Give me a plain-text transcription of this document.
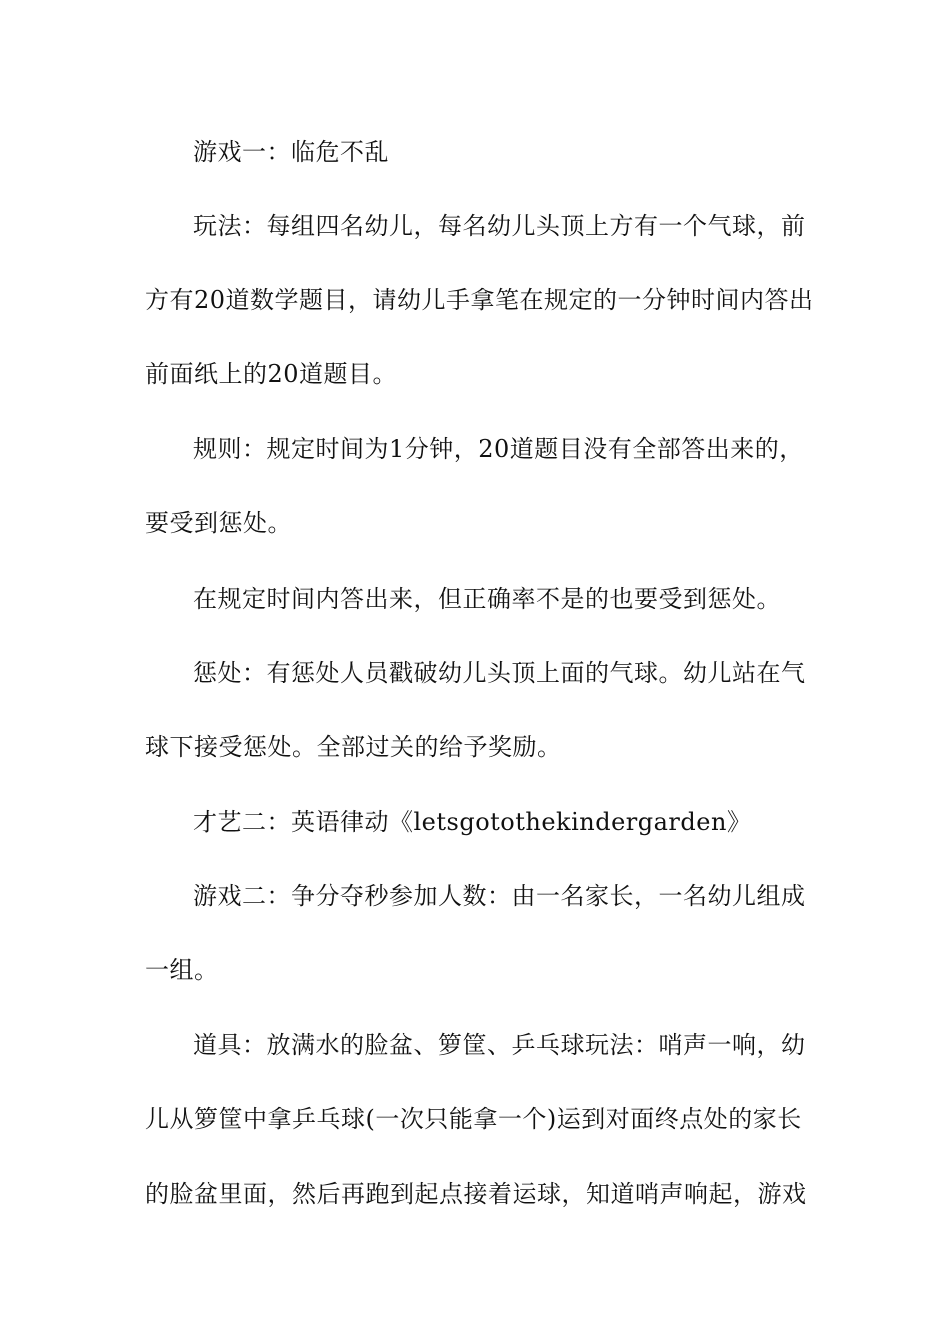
游戏一：临危不乱
玩法：每组四名幼儿，每名幼儿头顶上方有一个气球，前
方有20道数学题目，请幼儿手拿笔在规定的一分钟时间内答出
前面纸上的20道题目。
规则：规定时间为1分钟，20道题目没有全部答出来的，
要受到惩处。
在规定时间内答出来，但正确率不是的也要受到惩处。
惩处：有惩处人员戳破幼儿头顶上面的气球。幼儿站在气
球下接受惩处。全部过关的给予奖励。
才艺二：英语律动《letsgotothekindergarden》
游戏二：争分夺秒参加人数：由一名家长，一名幼儿组成
一组。
道具：放满水的脸盆、箩筐、乒乓球玩法：哨声一响，幼
儿从箩筐中拿乒乓球(一次只能拿一个)运到对面终点处的家长
的脸盆里面，然后再跑到起点接着运球，知道哨声响起，游戏
